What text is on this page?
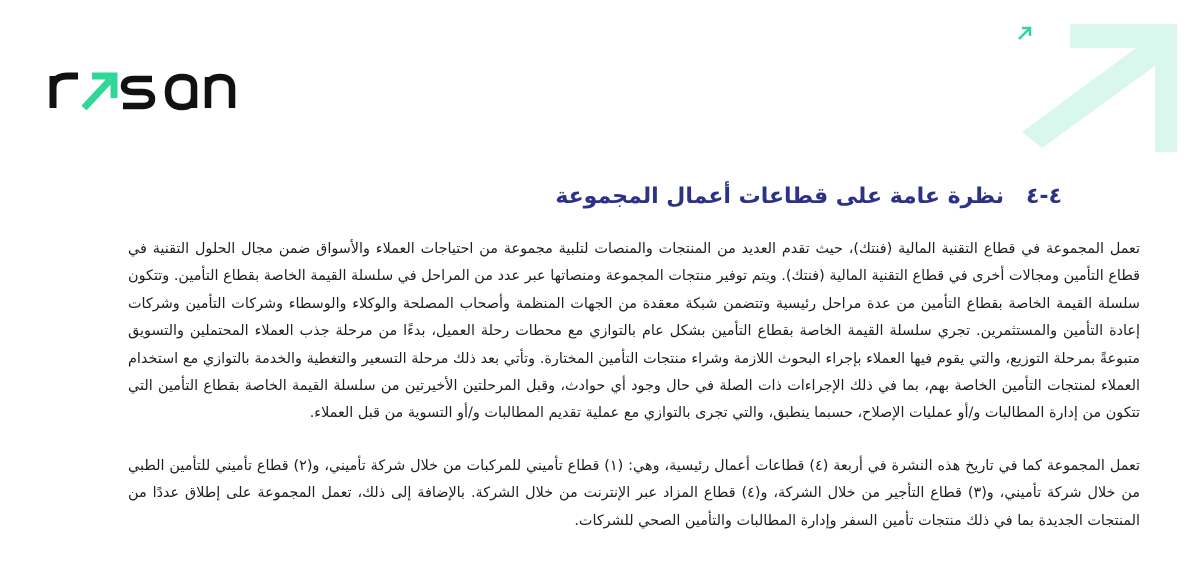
٤-٤نظرة عامة على قطاعات أعمال المجموعة

تعمل المجموعة في قطاع التقنية المالية (فنتك)، حيث تقدم العديد من المنتجات والمنصات لتلبية مجموعة من احتياجات العملاء والأسواق ضمن مجال الحلول التقنية في قطاع التأمين ومجالات أخرى في قطاع التقنية المالية (فنتك). ويتم توفير منتجات المجموعة ومنصاتها عبر عدد من المراحل في سلسلة القيمة الخاصة بقطاع التأمين. وتتكون سلسلة القيمة الخاصة بقطاع التأمين من عدة مراحل رئيسية وتتضمن شبكة معقدة من الجهات المنظمة وأصحاب المصلحة والوكلاء والوسطاء وشركات التأمين وشركات إعادة التأمين والمستثمرين. تجري سلسلة القيمة الخاصة بقطاع التأمين بشكل عام بالتوازي مع محطات رحلة العميل، بدءًا من مرحلة جذب العملاء المحتملين والتسويق متبوعةً بمرحلة التوزيع، والتي يقوم فيها العملاء بإجراء البحوث اللازمة وشراء منتجات التأمين المختارة. وتأتي بعد ذلك مرحلة التسعير والتغطية والخدمة بالتوازي مع استخدام العملاء لمنتجات التأمين الخاصة بهم، بما في ذلك الإجراءات ذات الصلة في حال وجود أي حوادث، وقبل المرحلتين الأخيرتين من سلسلة القيمة الخاصة بقطاع التأمين التي تتكون من إدارة المطالبات و/أو عمليات الإصلاح، حسبما ينطبق، والتي تجرى بالتوازي مع عملية تقديم المطالبات و/أو التسوية من قبل العملاء.

تعمل المجموعة كما في تاريخ هذه النشرة في أربعة (٤) قطاعات أعمال رئيسية، وهي: (١) قطاع تأميني للمركبات من خلال شركة تأميني، و(٢) قطاع تأميني للتأمين الطبي من خلال شركة تأميني، و(٣) قطاع التأجير من خلال الشركة، و(٤) قطاع المزاد عبر الإنترنت من خلال الشركة. بالإضافة إلى ذلك، تعمل المجموعة على إطلاق عددًا من المنتجات الجديدة بما في ذلك منتجات تأمين السفر وإدارة المطالبات والتأمين الصحي للشركات.
